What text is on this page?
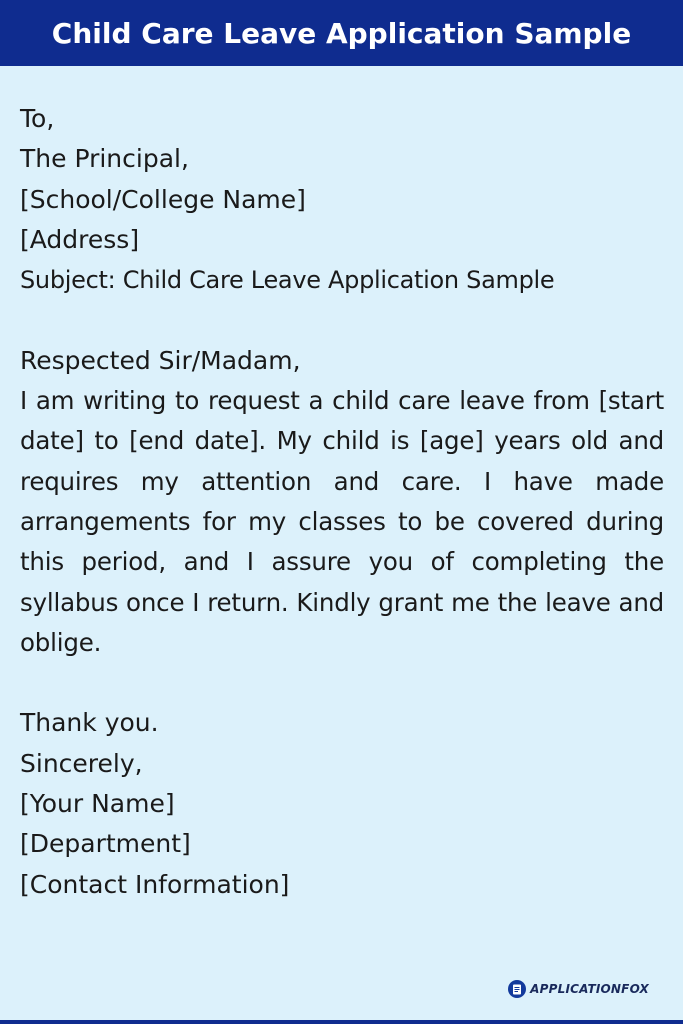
Child Care Leave Application Sample
To,
The Principal,
[School/College Name]
[Address]
Subject: Child Care Leave Application Sample
Respected Sir/Madam,
I am writing to request a child care leave from [start date] to [end date]. My child is [age] years old and requires my attention and care. I have made arrangements for my classes to be covered during this period, and I assure you of completing the syllabus once I return. Kindly grant me the leave and oblige.
Thank you.
Sincerely,
[Your Name]
[Department]
[Contact Information]
APPLICATIONFOX
